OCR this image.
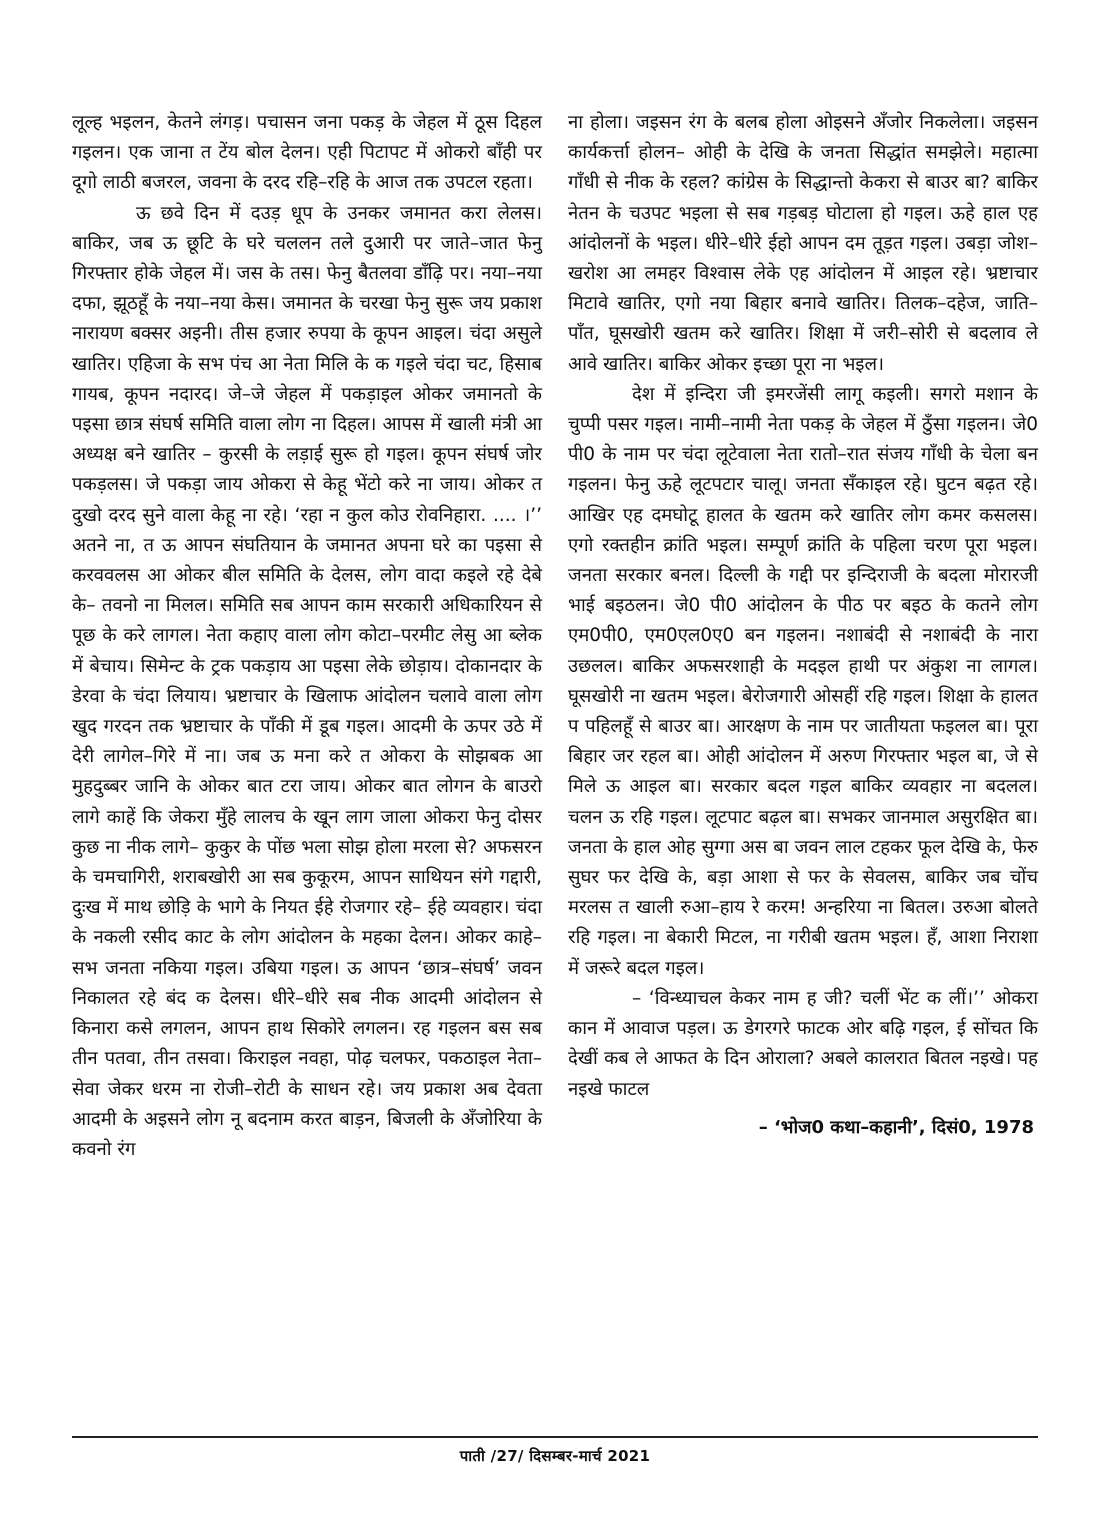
लूल्ह भइलन, केतने लंगड़। पचासन जना पकड़ के जेहल में ठूस दिहल गइलन। एक जाना त टेंय बोल देलन। एही पिटापट में ओकरो बाँही पर दूगो लाठी बजरल, जवना के दरद रहि–रहि के आज तक उपटल रहता।

ऊ छवे दिन में दउड़ धूप के उनकर जमानत करा लेलस। बाकिर, जब ऊ छूटि के घरे चललन तले दुआरी पर जाते–जात फेनु गिरफ्तार होके जेहल में। जस के तस। फेनु बैतलवा डाँढ़ि पर। नया–नया दफा, झूठहूँ के नया–नया केस। जमानत के चरखा फेनु सुरू जय प्रकाश नारायण बक्सर अइनी। तीस हजार रुपया के कूपन आइल। चंदा असुले खातिर। एहिजा के सभ पंच आ नेता मिलि के क गइले चंदा चट, हिसाब गायब, कूपन नदारद। जे–जे जेहल में पकड़ाइल ओकर जमानतो के पइसा छात्र संघर्ष समिति वाला लोग ना दिहल। आपस में खाली मंत्री आ अध्यक्ष बने खातिर – कुरसी के लड़ाई सुरू हो गइल। कूपन संघर्ष जोर पकड़लस। जे पकड़ा जाय ओकरा से केहू भेंटो करे ना जाय। ओकर त दुखो दरद सुने वाला केहू ना रहे। ‘रहा न कुल कोउ रोवनिहारा. .... ।’’ अतने ना, त ऊ आपन संघतियान के जमानत अपना घरे का पइसा से करववलस आ ओकर बील समिति के देलस, लोग वादा कइले रहे देबे के– तवनो ना मिलल। समिति सब आपन काम सरकारी अधिकारियन से पूछ के करे लागल। नेता कहाए वाला लोग कोटा–परमीट लेसु आ ब्लेक में बेचाय। सिमेन्ट के ट्रक पकड़ाय आ पइसा लेके छोड़ाय। दोकानदार के डेरवा के चंदा लियाय। भ्रष्टाचार के खिलाफ आंदोलन चलावे वाला लोग खुद गरदन तक भ्रष्टाचार के पाँकी में डूब गइल। आदमी के ऊपर उठे में देरी लागेल–गिरे में ना। जब ऊ मना करे त ओकरा के सोझबक आ मुहदुब्बर जानि के ओकर बात टरा जाय। ओकर बात लोगन के बाउरो लागे काहें कि जेकरा मुँहे लालच के खून लाग जाला ओकरा फेनु दोसर कुछ ना नीक लागे– कुकुर के पोंछ भला सोझ होला मरला से? अफसरन के चमचागिरी, शराबखोरी आ सब कुकूरम, आपन साथियन संगे गद्दारी, दुःख में माथ छोड़ि के भागे के नियत ईहे रोजगार रहे– ईहे व्यवहार। चंदा के नकली रसीद काट के लोग आंदोलन के महका देलन। ओकर काहे– सभ जनता नकिया गइल। उबिया गइल। ऊ आपन ‘छात्र–संघर्ष’ जवन निकालत रहे बंद क देलस। धीरे–धीरे सब नीक आदमी आंदोलन से किनारा कसे लगलन, आपन हाथ सिकोरे लगलन। रह गइलन बस सब तीन पतवा, तीन तसवा। किराइल नवहा, पोढ़ चलफर, पकठाइल नेता–सेवा जेकर धरम ना रोजी–रोटी के साधन रहे। जय प्रकाश अब देवता आदमी के अइसने लोग नू बदनाम करत बाड़न, बिजली के अँजोरिया के कवनो रंग

ना होला। जइसन रंग के बलब होला ओइसने अँजोर निकलेला। जइसन कार्यकर्त्ता होलन– ओही के देखि के जनता सिद्धांत समझेले। महात्मा गाँधी से नीक के रहल? कांग्रेस के सिद्धान्तो केकरा से बाउर बा? बाकिर नेतन के चउपट भइला से सब गड़बड़ घोटाला हो गइल। ऊहे हाल एह आंदोलनों के भइल। धीरे–धीरे ईहो आपन दम तूड़त गइल। उबड़ा जोश–खरोश आ लमहर विश्वास लेके एह आंदोलन में आइल रहे। भ्रष्टाचार मिटावे खातिर, एगो नया बिहार बनावे खातिर। तिलक–दहेज, जाति–पाँत, घूसखोरी खतम करे खातिर। शिक्षा में जरी–सोरी से बदलाव ले आवे खातिर। बाकिर ओकर इच्छा पूरा ना भइल।

देश में इन्दिरा जी इमरजेंसी लागू कइली। सगरो मशान के चुप्पी पसर गइल। नामी–नामी नेता पकड़ के जेहल में ठुँसा गइलन। जे0 पी0 के नाम पर चंदा लूटेवाला नेता रातो–रात संजय गाँधी के चेला बन गइलन। फेनु ऊहे लूटपटार चालू। जनता सँकाइल रहे। घुटन बढ़त रहे। आखिर एह दमघोटू हालत के खतम करे खातिर लोग कमर कसलस। एगो रक्तहीन क्रांति भइल। सम्पूर्ण क्रांति के पहिला चरण पूरा भइल। जनता सरकार बनल। दिल्ली के गद्दी पर इन्दिराजी के बदला मोरारजी भाई बइठलन। जे0 पी0 आंदोलन के पीठ पर बइठ के कतने लोग एम0पी0, एम0एल0ए0 बन गइलन। नशाबंदी से नशाबंदी के नारा उछलल। बाकिर अफसरशाही के मदइल हाथी पर अंकुश ना लागल। घूसखोरी ना खतम भइल। बेरोजगारी ओसहीं रहि गइल। शिक्षा के हालत प पहिलहूँ से बाउर बा। आरक्षण के नाम पर जातीयता फइलल बा। पूरा बिहार जर रहल बा। ओही आंदोलन में अरुण गिरफ्तार भइल बा, जे से मिले ऊ आइल बा। सरकार बदल गइल बाकिर व्यवहार ना बदलल। चलन ऊ रहि गइल। लूटपाट बढ़ल बा। सभकर जानमाल असुरक्षित बा। जनता के हाल ओह सुग्गा अस बा जवन लाल टहकर फूल देखि के, फेरु सुघर फर देखि के, बड़ा आशा से फर के सेवलस, बाकिर जब चोंच मरलस त खाली रुआ–हाय रे करम! अन्हरिया ना बितल। उरुआ बोलते रहि गइल। ना बेकारी मिटल, ना गरीबी खतम भइल। हँ, आशा निराशा में जरूरे बदल गइल।

– ‘विन्ध्याचल केकर नाम ह जी? चलीं भेंट क लीं।’’ ओकरा कान में आवाज पड़ल। ऊ डेगरगरे फाटक ओर बढ़ि गइल, ई सोंचत कि देखीं कब ले आफत के दिन ओराला? अबले कालरात बितल नइखे। पह नइखे फाटल

– ‘भोज0 कथा–कहानी’, दिसं0, 1978

पाती /27/ दिसम्बर-मार्च 2021
